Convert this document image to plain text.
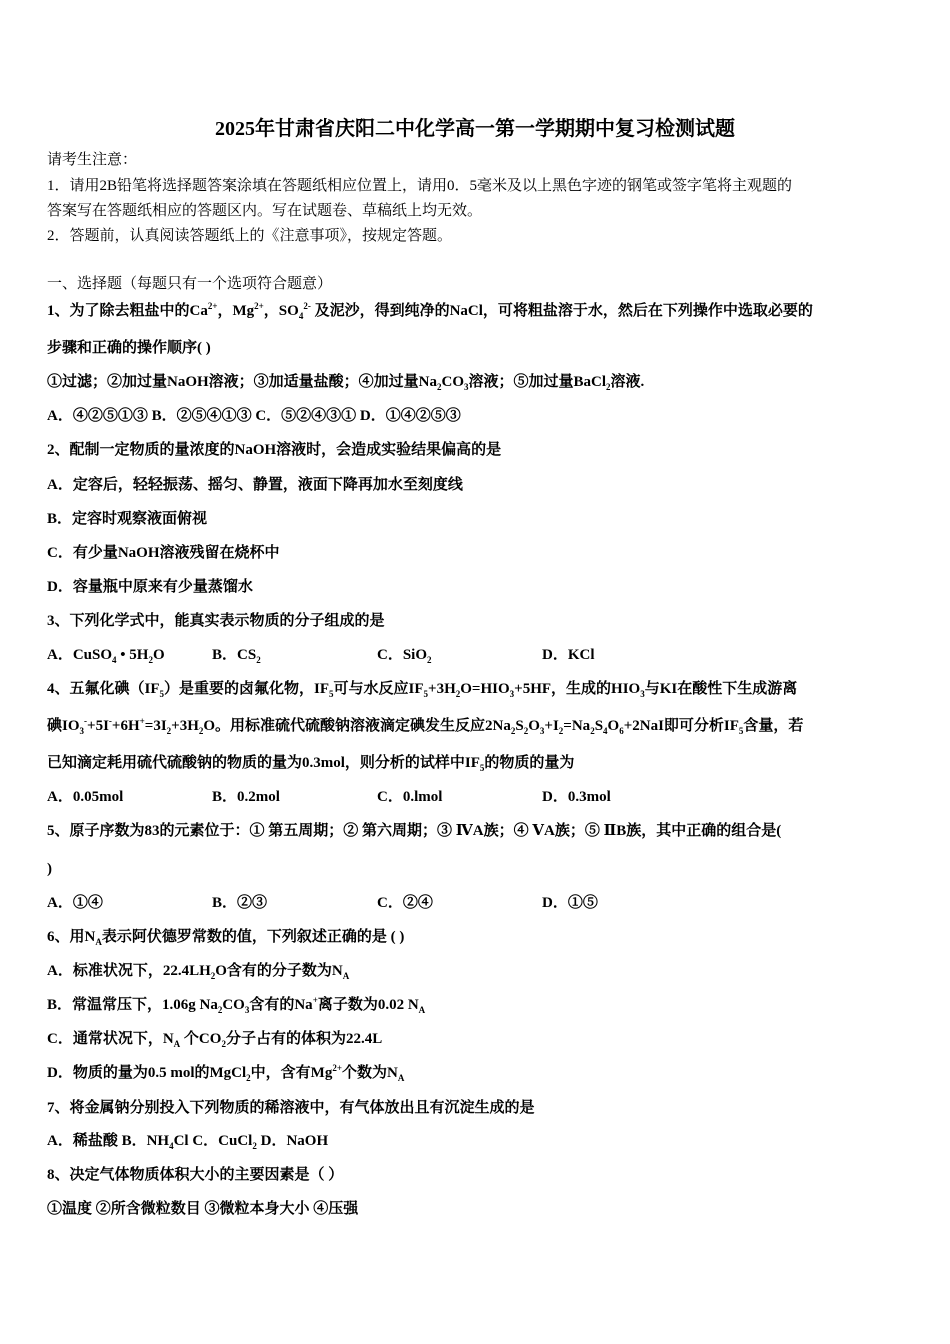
2025年甘肃省庆阳二中化学高一第一学期期中复习检测试题
请考生注意：
1．请用2B铅笔将选择题答案涂填在答题纸相应位置上，请用0．5毫米及以上黑色字迹的钢笔或签字笔将主观题的
答案写在答题纸相应的答题区内。写在试题卷、草稿纸上均无效。
2．答题前，认真阅读答题纸上的《注意事项》，按规定答题。
一、选择题（每题只有一个选项符合题意）
1、为了除去粗盐中的$Ca^{2+}$，$Mg^{2+}$，$SO_4^{2-}$ 及泥沙，得到纯净的NaCl，可将粗盐溶于水，然后在下列操作中选取必要的
步骤和正确的操作顺序( )
①过滤；②加过量NaOH溶液；③加适量盐酸；④加过量$Na_2CO_3$溶液；⑤加过量BaCl$_2$溶液.
A．④②⑤①③ B．②⑤④①③ C．⑤②④③① D．①④②⑤③
2、配制一定物质的量浓度的NaOH溶液时，会造成实验结果偏高的是
A．定容后，轻轻振荡、摇匀、静置，液面下降再加水至刻度线
B．定容时观察液面俯视
C．有少量NaOH溶液残留在烧杯中
D．容量瓶中原来有少量蒸馏水
3、下列化学式中，能真实表示物质的分子组成的是
A．CuSO$_4$ • $5H_2O$	B．$CS_2$	C．SiO$_2$	D．KCl
4、五氟化碘$(IF_5)$是重要的卤氟化物，$IF_5$可与水反应$IF_5+3H_2O=HIO_3+5HF$，生成的$HIO_3$与KI在酸性下生成游离
碘$IO_3^-+5I^-+6H^+=3I_2+3H_2O$。用标准硫代硫酸钠溶液滴定碘发生反应$2Na_2S_2O_3+I_2=Na_2S_4O_6+2NaI$即可分析$IF_5$含量，若
已知滴定耗用硫代硫酸钠的物质的量为0.3mol，则分析的试样中$IF_5$的物质的量为
A．0.05mol	B．0.2mol	C．0.lmol	D．0.3mol
5、原子序数为83的元素位于：① 第五周期；② 第六周期；③ ⅣA族；④ ⅤA族；⑤ ⅡB族，其中正确的组合是(
)
A．①④	B．②③	C．②④	D．①⑤
6、用$N_A$表示阿伏德罗常数的值，下列叙述正确的是 ( )
A．标准状况下，$22.4LH_2O$含有的分子数为$N_A$
B．常温常压下，1.06g $Na_2CO_3$含有的Na+离子数为0.02 $N_A$
C．通常状况下，$N_A$ 个$CO_2$分子占有的体积为22.4L
D．物质的量为0.5 mol的MgCl$_2$中，含有$Mg^{2+}$个数为$N_A$
7、将金属钠分别投入下列物质的稀溶液中，有气体放出且有沉淀生成的是
A．稀盐酸 B．$NH_4Cl$ C．CuCl$_2$ D．NaOH
8、决定气体物质体积大小的主要因素是（ ）
①温度 ②所含微粒数目 ③微粒本身大小 ④压强
